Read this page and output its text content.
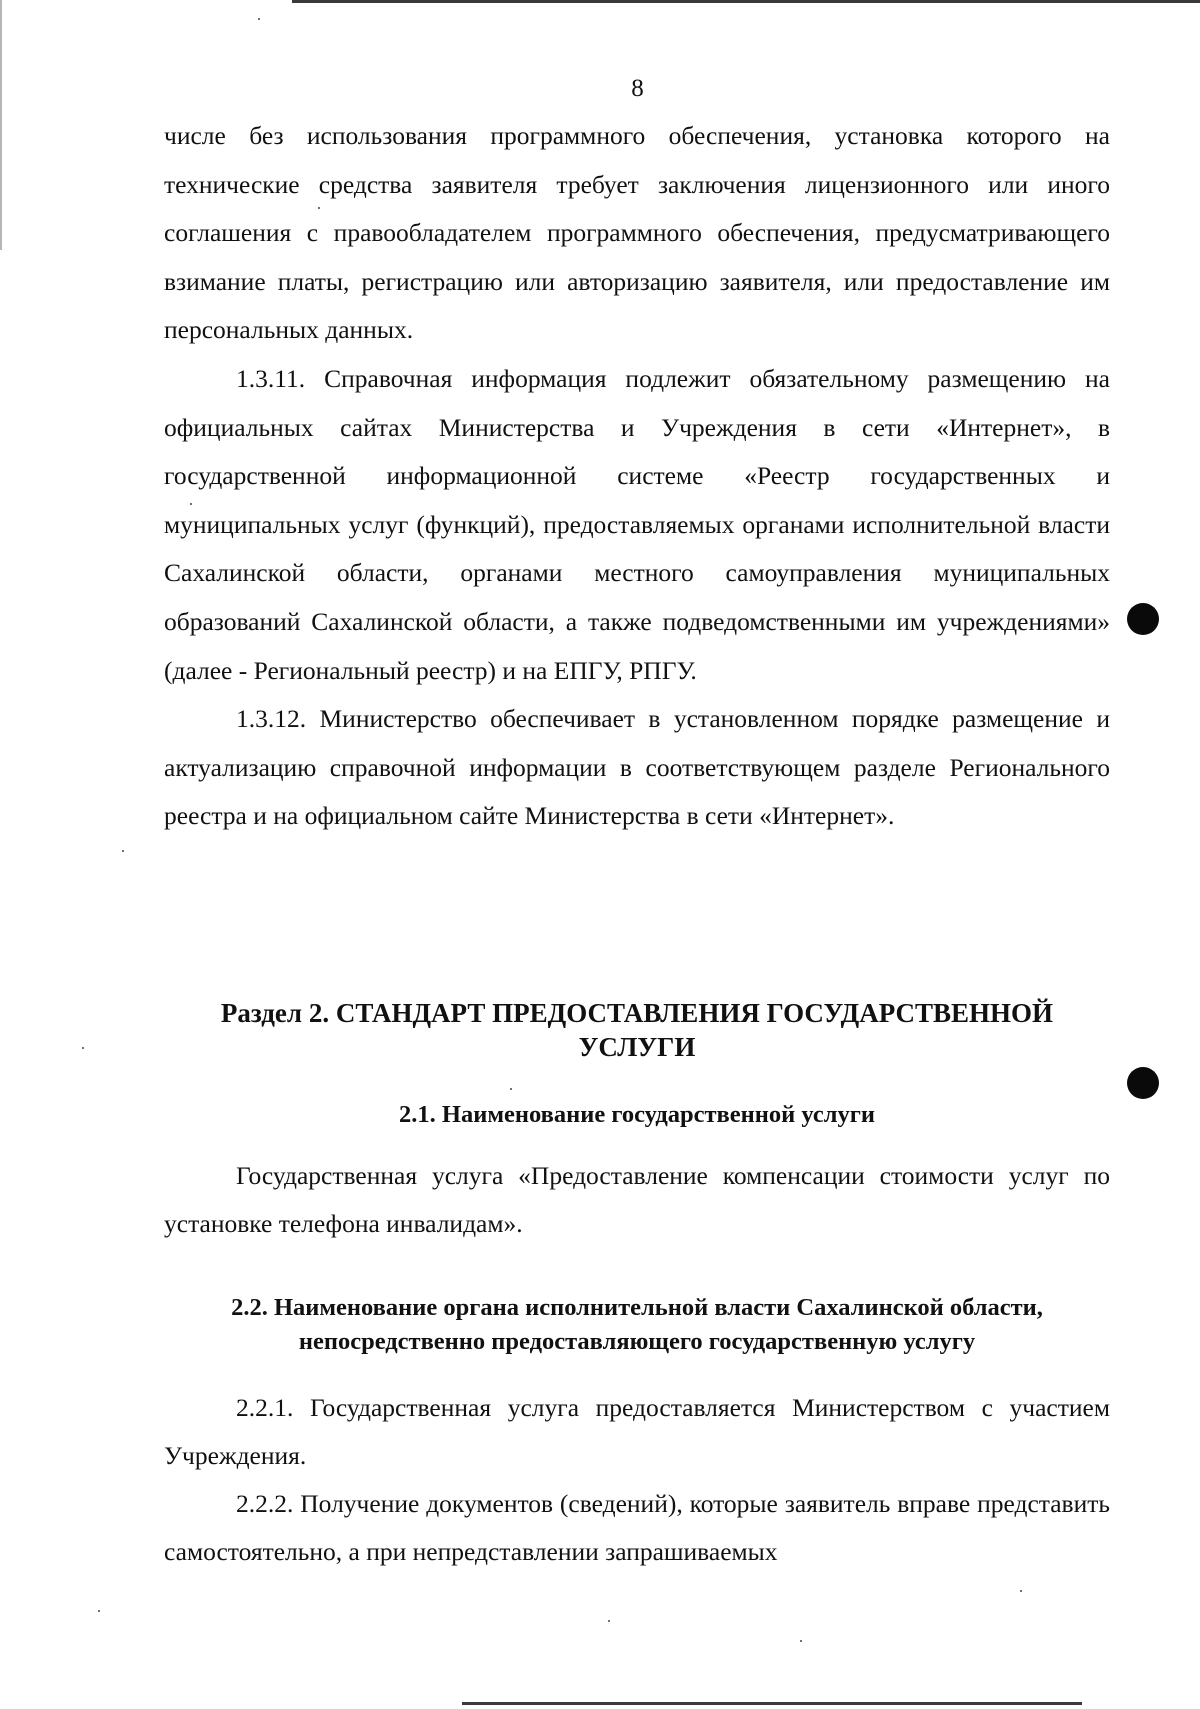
8

числе без использования программного обеспечения, установка которого на технические средства заявителя требует заключения лицензионного или иного соглашения с правообладателем программного обеспечения, предусматривающего взимание платы, регистрацию или авторизацию заявителя, или предоставление им персональных данных.

1.3.11. Справочная информация подлежит обязательному размещению на официальных сайтах Министерства и Учреждения в сети «Интернет», в государственной информационной системе «Реестр государственных и муниципальных услуг (функций), предоставляемых органами исполнительной власти Сахалинской области, органами местного самоуправления муниципальных образований Сахалинской области, а также подведомственными им учреждениями» (далее - Региональный реестр) и на ЕПГУ, РПГУ.

1.3.12. Министерство обеспечивает в установленном порядке размещение и актуализацию справочной информации в соответствующем разделе Регионального реестра и на официальном сайте Министерства в сети «Интернет».

Раздел 2. СТАНДАРТ ПРЕДОСТАВЛЕНИЯ ГОСУДАРСТВЕННОЙ
УСЛУГИ
2.1. Наименование государственной услуги

Государственная услуга «Предоставление компенсации стоимости услуг по установке телефона инвалидам».

2.2. Наименование органа исполнительной власти Сахалинской области,
непосредственно предоставляющего государственную услугу

2.2.1. Государственная услуга предоставляется Министерством с участием Учреждения.

2.2.2. Получение документов (сведений), которые заявитель вправе представить самостоятельно, а при непредставлении запрашиваемых
